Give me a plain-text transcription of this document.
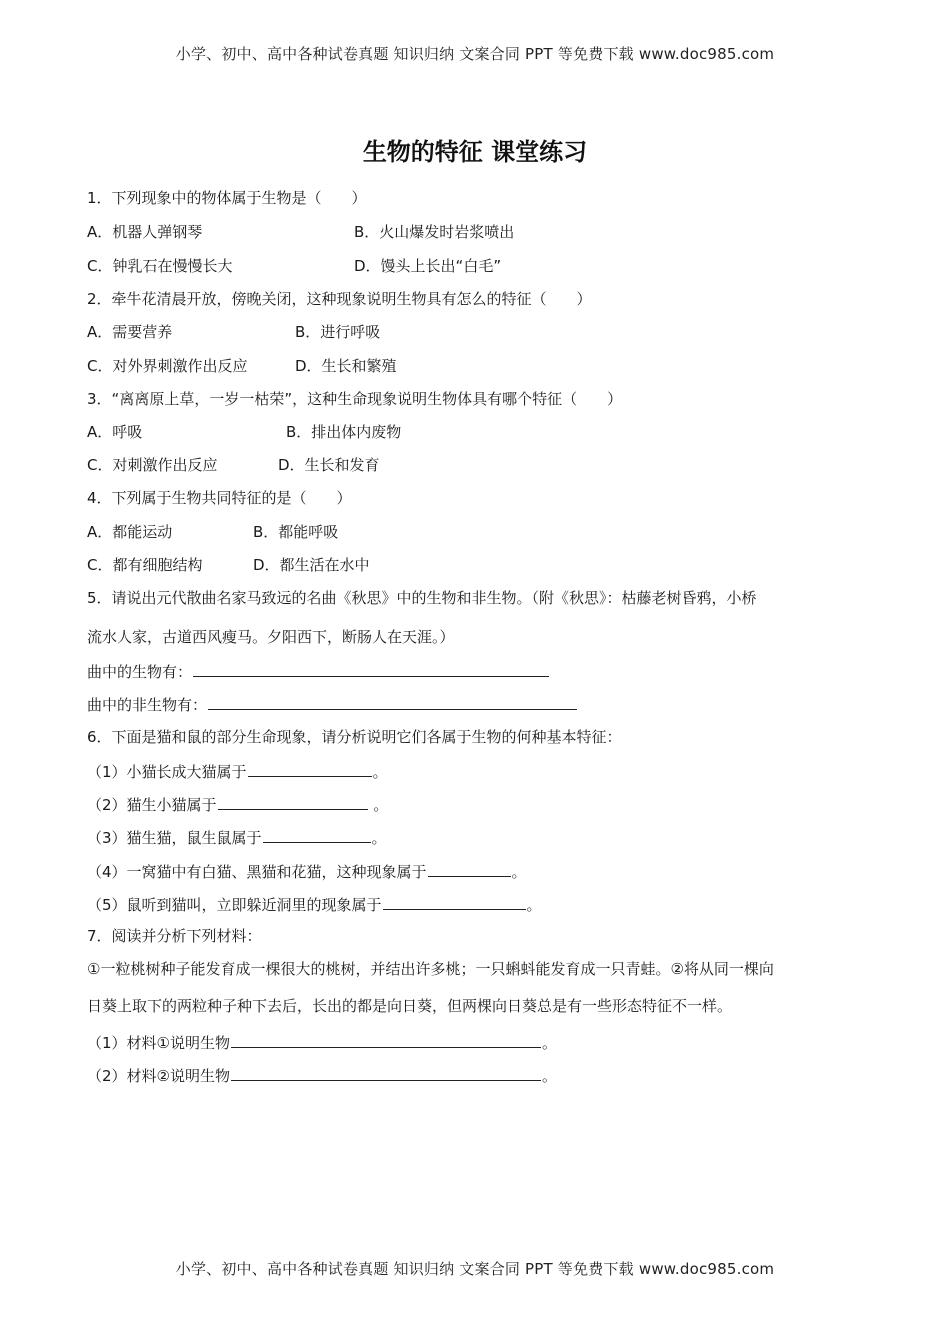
小学、初中、高中各种试卷真题 知识归纳 文案合同 PPT 等免费下载 www.doc985.com
生物的特征 课堂练习
1．下列现象中的物体属于生物是（　　）
A．机器人弹钢琴	B．火山爆发时岩浆喷出
C．钟乳石在慢慢长大	D．馒头上长出“白毛”
2．牵牛花清晨开放，傍晚关闭，这种现象说明生物具有怎么的特征（　　）
A．需要营养	B．进行呼吸
C．对外界刺激作出反应	D．生长和繁殖
3．“离离原上草，一岁一枯荣”，这种生命现象说明生物体具有哪个特征（　　）
A．呼吸	B．排出体内废物
C．对刺激作出反应	D．生长和发育
4．下列属于生物共同特征的是（　　）
A．都能运动	B．都能呼吸
C．都有细胞结构	D．都生活在水中
5．请说出元代散曲名家马致远的名曲《秋思》中的生物和非生物。（附《秋思》：枯藤老树昏鸦，小桥
流水人家，古道西风瘦马。夕阳西下，断肠人在天涯。）
曲中的生物有：
曲中的非生物有：
6．下面是猫和鼠的部分生命现象，请分析说明它们各属于生物的何种基本特征：
（1）小猫长成大猫属于	。
（2）猫生小猫属于	。
（3）猫生猫，鼠生鼠属于	。
（4）一窝猫中有白猫、黑猫和花猫，这种现象属于	。
（5）鼠听到猫叫，立即躲近洞里的现象属于	。
7．阅读并分析下列材料：
①一粒桃树种子能发育成一棵很大的桃树，并结出许多桃；一只蝌蚪能发育成一只青蛙。②将从同一棵向
日葵上取下的两粒种子种下去后，长出的都是向日葵，但两棵向日葵总是有一些形态特征不一样。
（1）材料①说明生物	。
（2）材料②说明生物	。
小学、初中、高中各种试卷真题 知识归纳 文案合同 PPT 等免费下载 www.doc985.com
